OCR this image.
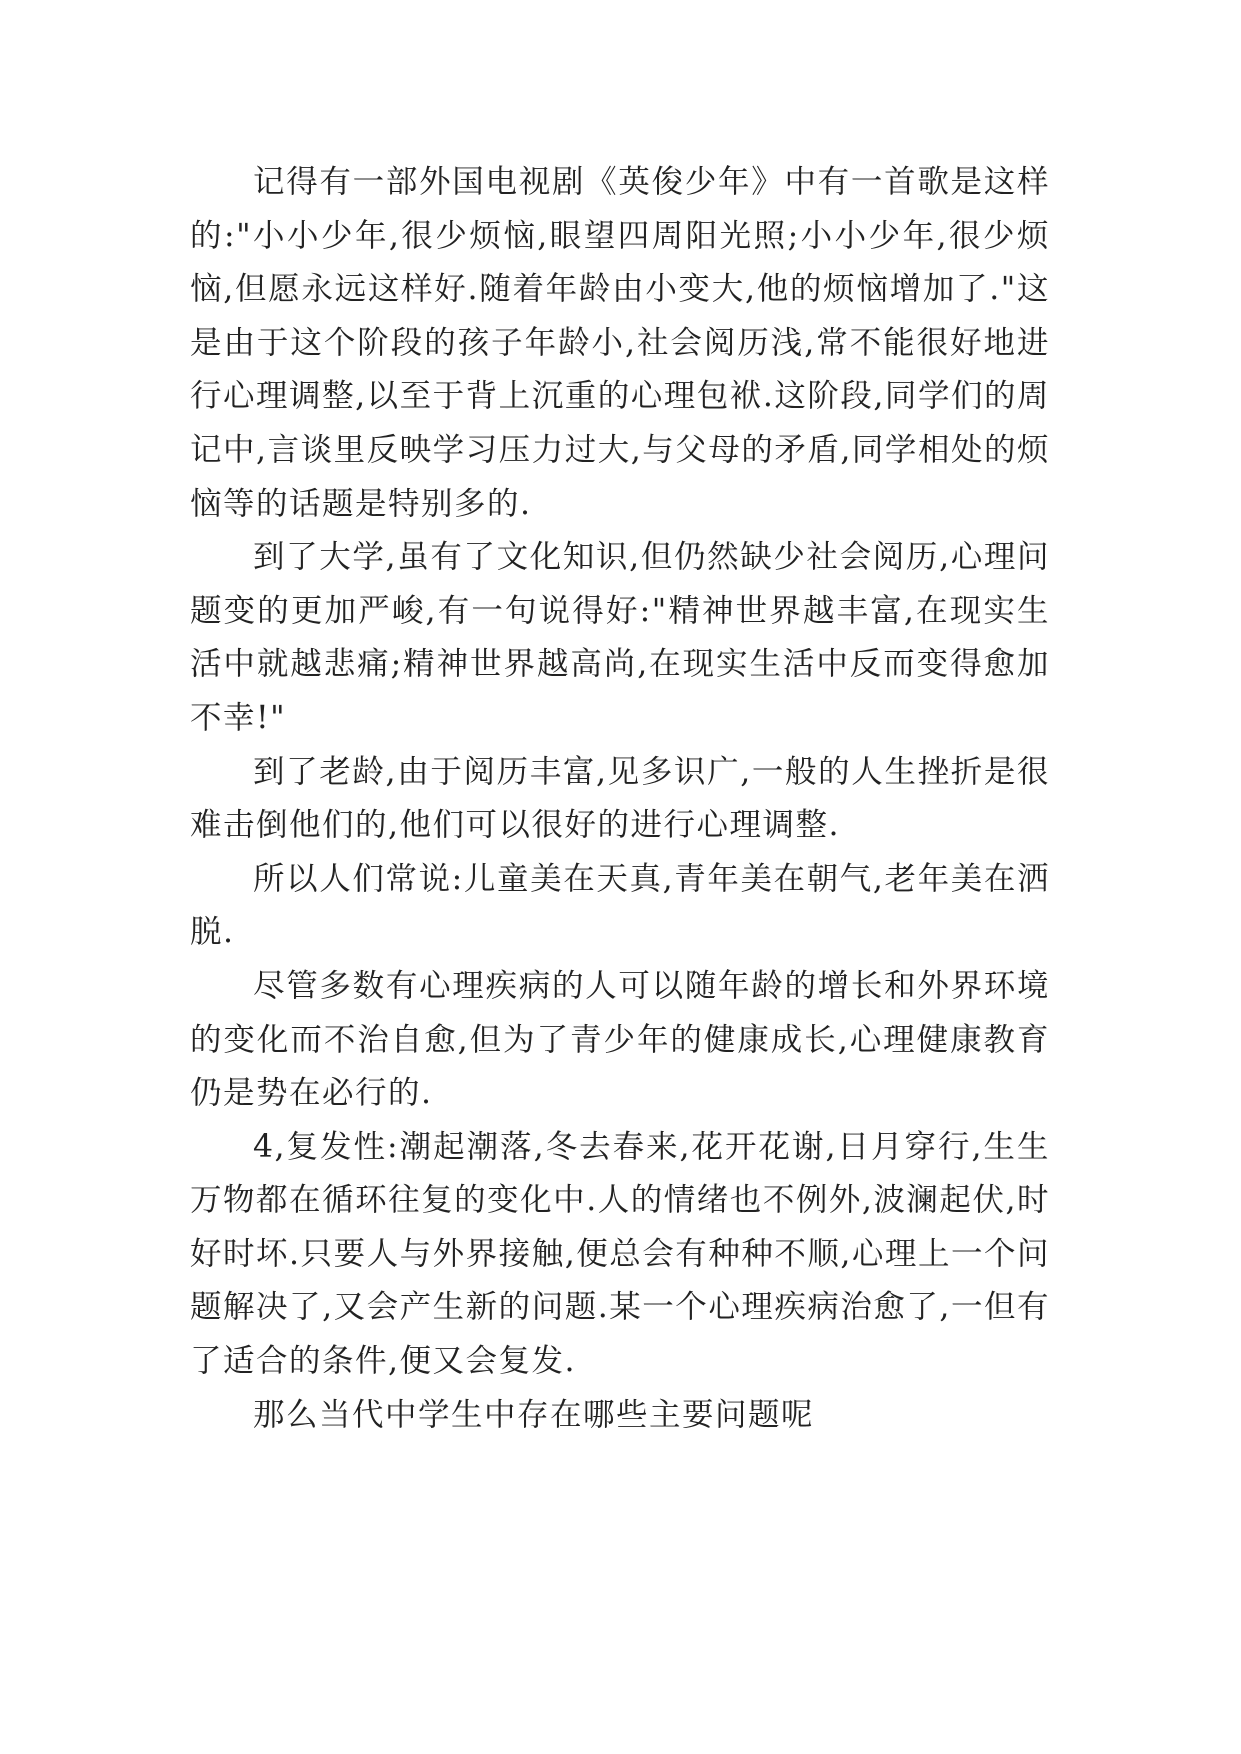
记得有一部外国电视剧《英俊少年》中有一首歌是这样的:"小小少年,很少烦恼,眼望四周阳光照;小小少年,很少烦恼,但愿永远这样好.随着年龄由小变大,他的烦恼增加了."这是由于这个阶段的孩子年龄小,社会阅历浅,常不能很好地进行心理调整,以至于背上沉重的心理包袱.这阶段,同学们的周记中,言谈里反映学习压力过大,与父母的矛盾,同学相处的烦恼等的话题是特别多的.

到了大学,虽有了文化知识,但仍然缺少社会阅历,心理问题变的更加严峻,有一句说得好:"精神世界越丰富,在现实生活中就越悲痛;精神世界越高尚,在现实生活中反而变得愈加不幸!"

到了老龄,由于阅历丰富,见多识广,一般的人生挫折是很难击倒他们的,他们可以很好的进行心理调整.

所以人们常说:儿童美在天真,青年美在朝气,老年美在洒脱.

尽管多数有心理疾病的人可以随年龄的增长和外界环境的变化而不治自愈,但为了青少年的健康成长,心理健康教育仍是势在必行的.

4,复发性:潮起潮落,冬去春来,花开花谢,日月穿行,生生万物都在循环往复的变化中.人的情绪也不例外,波澜起伏,时好时坏.只要人与外界接触,便总会有种种不顺,心理上一个问题解决了,又会产生新的问题.某一个心理疾病治愈了,一但有了适合的条件,便又会复发.

那么当代中学生中存在哪些主要问题呢
